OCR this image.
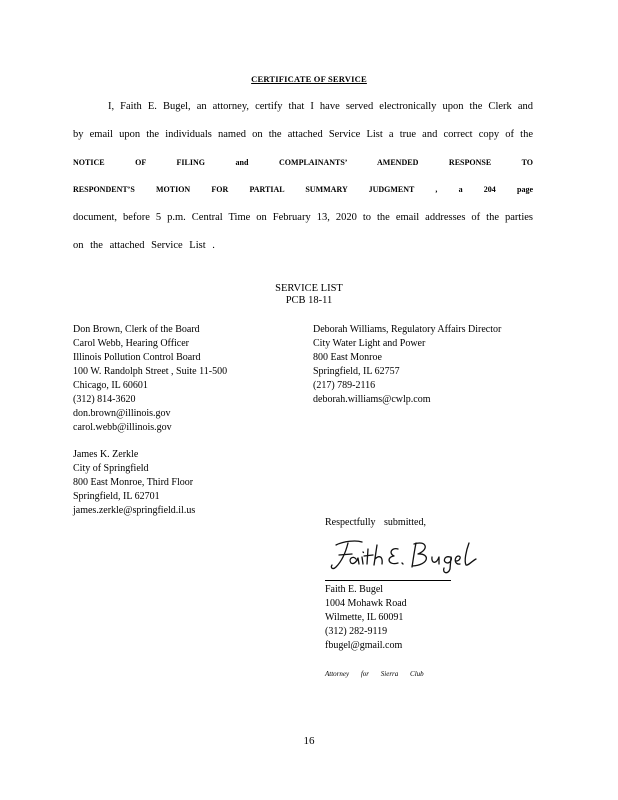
CERTIFICATE OF SERVICE
I, Faith E. Bugel, an attorney, certify that I have served electronically upon the Clerk and
by email upon the individuals named on the attached Service List a true and correct copy of the
NOTICE OF FILING and COMPLAINANTS’ AMENDED RESPONSE TO
RESPONDENT’S MOTION FOR PARTIAL SUMMARY JUDGMENT , a 204 page
document, before 5 p.m. Central Time on February 13, 2020 to the email addresses of the parties
on the attached Service List .
SERVICE LIST
PCB 18-11
Don Brown, Clerk of the Board
Carol Webb, Hearing Officer
Illinois Pollution Control Board
100 W. Randolph Street , Suite 11-500
Chicago, IL 60601
(312) 814-3620
don.brown@illinois.gov
carol.webb@illinois.gov
Deborah Williams, Regulatory Affairs Director
City Water Light and Power
800 East Monroe
Springfield, IL 62757
(217) 789-2116
deborah.williams@cwlp.com
James K. Zerkle
City of Springfield
800 East Monroe, Third Floor
Springfield, IL 62701
james.zerkle@springfield.il.us
Respectfully submitted,
Faith E. Bugel
1004 Mohawk Road
Wilmette, IL 60091
(312) 282-9119
fbugel@gmail.com
Attorney for Sierra Club
16
